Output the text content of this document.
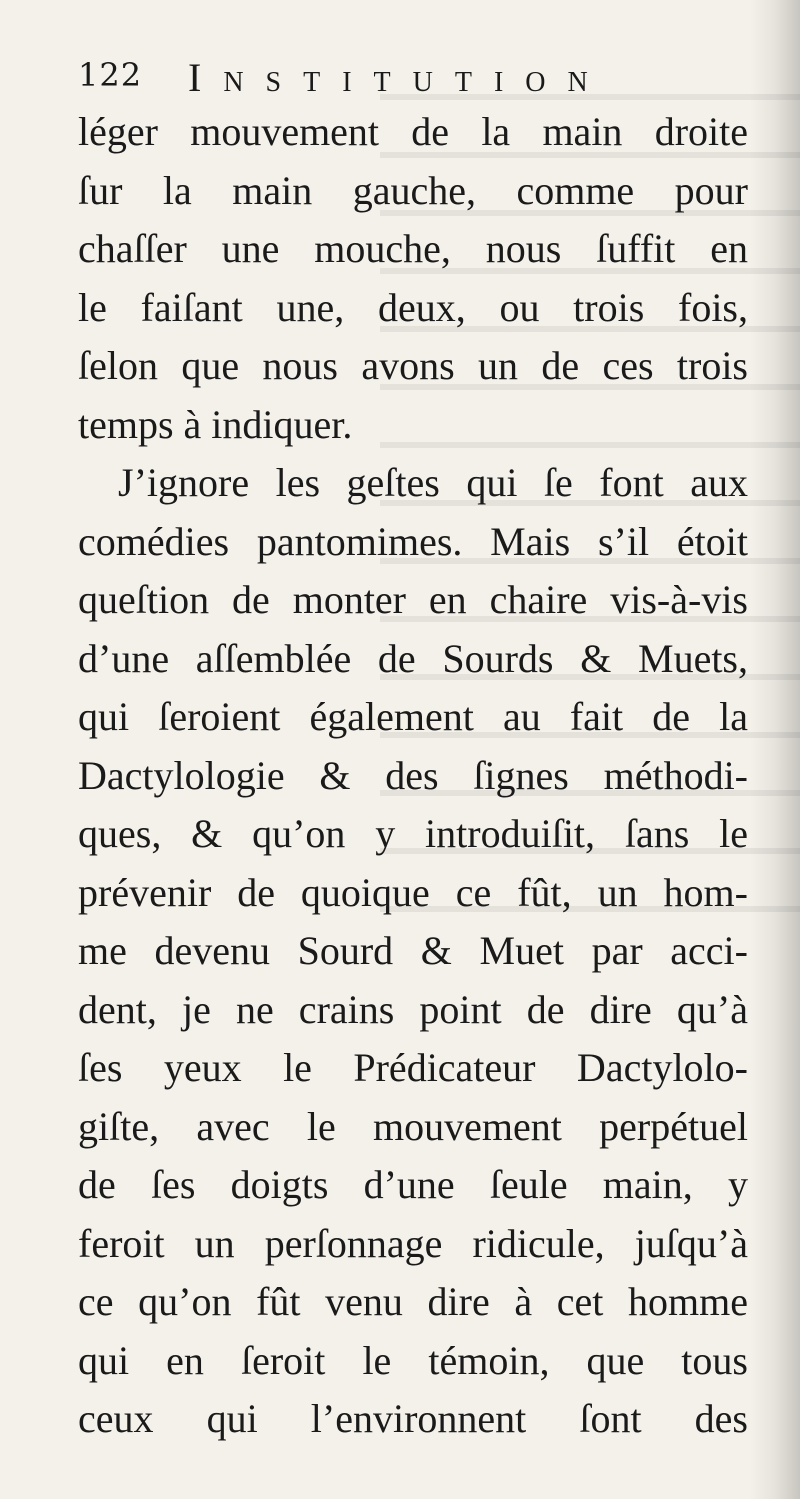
122 Institution
léger mouvement de la main droite
ſur la main gauche, comme pour
chaſſer une mouche, nous ſuffit en
le faiſant une, deux, ou trois fois,
ſelon que nous avons un de ces trois
temps à indiquer.
J’ignore les geſtes qui ſe font aux
comédies pantomimes. Mais s’il étoit
queſtion de monter en chaire vis-à-vis
d’une aſſemblée de Sourds & Muets,
qui ſeroient également au fait de la
Dactylologie & des ſignes méthodi-
ques, & qu’on y introduiſit, ſans le
prévenir de quoique ce fût, un hom-
me devenu Sourd & Muet par acci-
dent, je ne crains point de dire qu’à
ſes yeux le Prédicateur Dactylolo-
giſte, avec le mouvement perpétuel
de ſes doigts d’une ſeule main, y
feroit un perſonnage ridicule, juſqu’à
ce qu’on fût venu dire à cet homme
qui en ſeroit le témoin, que tous
ceux qui l’environnent ſont des
